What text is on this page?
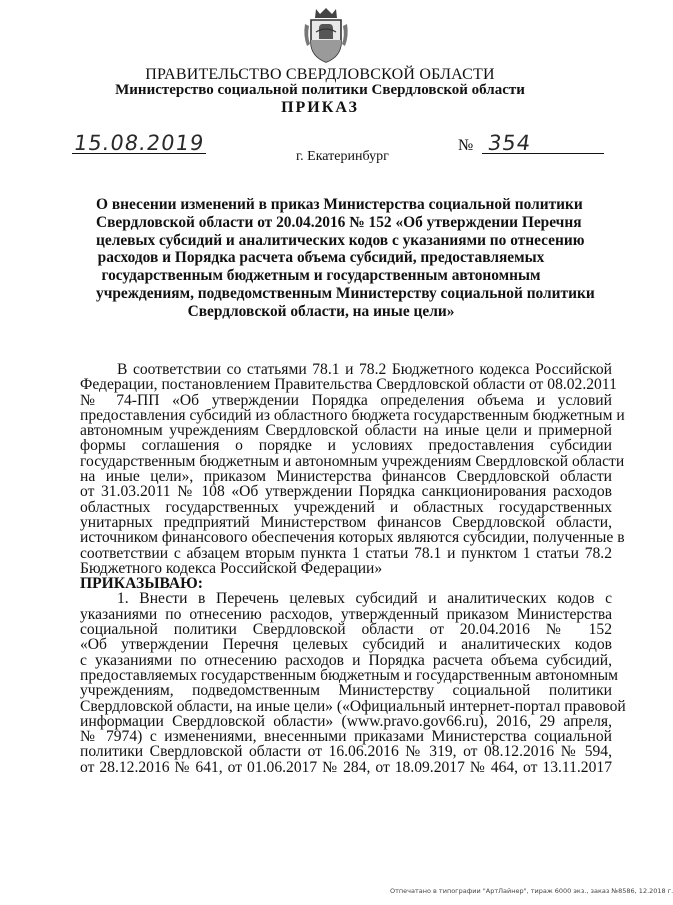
ПРАВИТЕЛЬСТВО СВЕРДЛОВСКОЙ ОБЛАСТИ
Министерство социальной политики Свердловской области
ПРИКАЗ
15.08.2019	№ 354
г. Екатеринбург
О внесении изменений в приказ Министерства социальной политики
Свердловской области от 20.04.2016 № 152 «Об утверждении Перечня
целевых субсидий и аналитических кодов с указаниями по отнесению
расходов и Порядка расчета объема субсидий, предоставляемых
государственным бюджетным и государственным автономным
учреждениям, подведомственным Министерству социальной политики
Свердловской области, на иные цели»
В соответствии со статьями 78.1 и 78.2 Бюджетного кодекса Российской
Федерации, постановлением Правительства Свердловской области от 08.02.2011
№ 74-ПП «Об утверждении Порядка определения объема и условий
предоставления субсидий из областного бюджета государственным бюджетным и
автономным учреждениям Свердловской области на иные цели и примерной
формы соглашения о порядке и условиях предоставления субсидии
государственным бюджетным и автономным учреждениям Свердловской области
на иные цели», приказом Министерства финансов Свердловской области
от 31.03.2011 № 108 «Об утверждении Порядка санкционирования расходов
областных государственных учреждений и областных государственных
унитарных предприятий Министерством финансов Свердловской области,
источником финансового обеспечения которых являются субсидии, полученные в
соответствии с абзацем вторым пункта 1 статьи 78.1 и пунктом 1 статьи 78.2
Бюджетного кодекса Российской Федерации»
ПРИКАЗЫВАЮ:
1. Внести в Перечень целевых субсидий и аналитических кодов с
указаниями по отнесению расходов, утвержденный приказом Министерства
социальной политики Свердловской области от 20.04.2016 № 152
«Об утверждении Перечня целевых субсидий и аналитических кодов
с указаниями по отнесению расходов и Порядка расчета объема субсидий,
предоставляемых государственным бюджетным и государственным автономным
учреждениям, подведомственным Министерству социальной политики
Свердловской области, на иные цели» («Официальный интернет-портал правовой
информации Свердловской области» (www.pravo.gov66.ru), 2016, 29 апреля,
№ 7974) с изменениями, внесенными приказами Министерства социальной
политики Свердловской области от 16.06.2016 № 319, от 08.12.2016 № 594,
от 28.12.2016 № 641, от 01.06.2017 № 284, от 18.09.2017 № 464, от 13.11.2017
Отпечатано в типографии "АртЛайнер", тираж 6000 экз., заказ №8586, 12.2018 г.
